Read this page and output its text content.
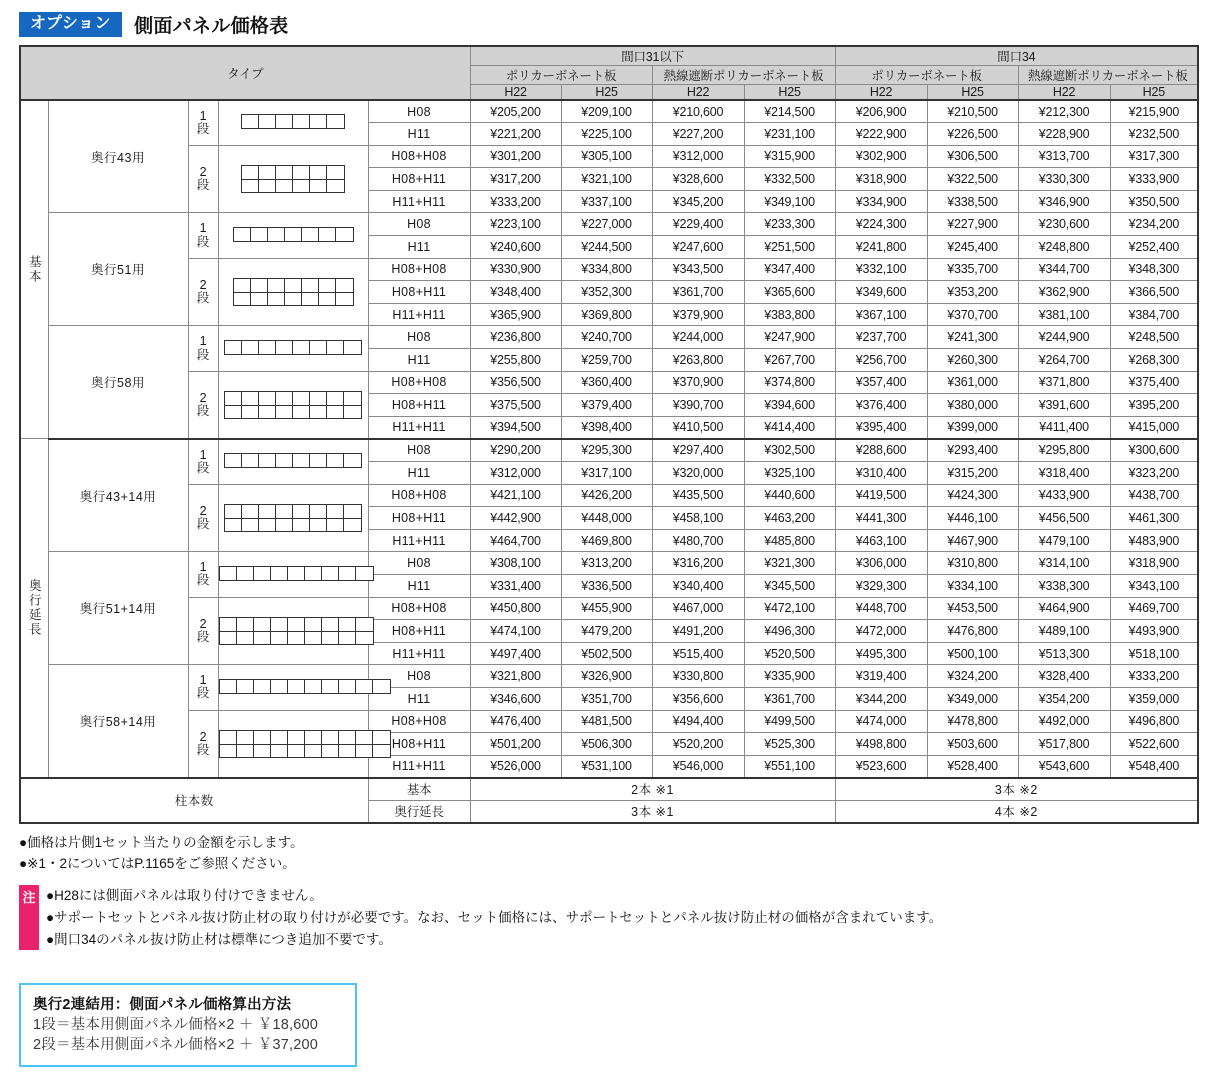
オプション	側面パネル価格表
タイプ					間口31以下				間口34			
					ポリカーボネート板		熱線遮断ポリカーボネート板		ポリカーボネート板		熱線遮断ポリカーボネート板	
					H22	H25	H22	H25	H22	H25	H22	H25
基本	奥行43用	1
段		H08	¥205,200	¥209,100	¥210,600	¥214,500	¥206,900	¥210,500	¥212,300	¥215,900
				H11	¥221,200	¥225,100	¥227,200	¥231,100	¥222,900	¥226,500	¥228,900	¥232,500

		2
段		H08+H08	¥301,200	¥305,100	¥312,000	¥315,900	¥302,900	¥306,500	¥313,700	¥317,300
				H08+H11	¥317,200	¥321,100	¥328,600	¥332,500	¥318,900	¥322,500	¥330,300	¥333,900
				H11+H11	¥333,200	¥337,100	¥345,200	¥349,100	¥334,900	¥338,500	¥346,900	¥350,500
	奥行51用	1
段		H08	¥223,100	¥227,000	¥229,400	¥233,300	¥224,300	¥227,900	¥230,600	¥234,200
				H11	¥240,600	¥244,500	¥247,600	¥251,500	¥241,800	¥245,400	¥248,800	¥252,400

		2
段		H08+H08	¥330,900	¥334,800	¥343,500	¥347,400	¥332,100	¥335,700	¥344,700	¥348,300
				H08+H11	¥348,400	¥352,300	¥361,700	¥365,600	¥349,600	¥353,200	¥362,900	¥366,500
				H11+H11	¥365,900	¥369,800	¥379,900	¥383,800	¥367,100	¥370,700	¥381,100	¥384,700
	奥行58用	1
段		H08	¥236,800	¥240,700	¥244,000	¥247,900	¥237,700	¥241,300	¥244,900	¥248,500
				H11	¥255,800	¥259,700	¥263,800	¥267,700	¥256,700	¥260,300	¥264,700	¥268,300

		2
段		H08+H08	¥356,500	¥360,400	¥370,900	¥374,800	¥357,400	¥361,000	¥371,800	¥375,400
				H08+H11	¥375,500	¥379,400	¥390,700	¥394,600	¥376,400	¥380,000	¥391,600	¥395,200
				H11+H11	¥394,500	¥398,400	¥410,500	¥414,400	¥395,400	¥399,000	¥411,400	¥415,000
奥行延長	奥行43+14用	1
段		H08	¥290,200	¥295,300	¥297,400	¥302,500	¥288,600	¥293,400	¥295,800	¥300,600
				H11	¥312,000	¥317,100	¥320,000	¥325,100	¥310,400	¥315,200	¥318,400	¥323,200

		2
段		H08+H08	¥421,100	¥426,200	¥435,500	¥440,600	¥419,500	¥424,300	¥433,900	¥438,700
				H08+H11	¥442,900	¥448,000	¥458,100	¥463,200	¥441,300	¥446,100	¥456,500	¥461,300
				H11+H11	¥464,700	¥469,800	¥480,700	¥485,800	¥463,100	¥467,900	¥479,100	¥483,900
	奥行51+14用	1
段		H08	¥308,100	¥313,200	¥316,200	¥321,300	¥306,000	¥310,800	¥314,100	¥318,900
				H11	¥331,400	¥336,500	¥340,400	¥345,500	¥329,300	¥334,100	¥338,300	¥343,100

		2
段		H08+H08	¥450,800	¥455,900	¥467,000	¥472,100	¥448,700	¥453,500	¥464,900	¥469,700
				H08+H11	¥474,100	¥479,200	¥491,200	¥496,300	¥472,000	¥476,800	¥489,100	¥493,900
				H11+H11	¥497,400	¥502,500	¥515,400	¥520,500	¥495,300	¥500,100	¥513,300	¥518,100
	奥行58+14用	1
段		H08	¥321,800	¥326,900	¥330,800	¥335,900	¥319,400	¥324,200	¥328,400	¥333,200
				H11	¥346,600	¥351,700	¥356,600	¥361,700	¥344,200	¥349,000	¥354,200	¥359,000

		2
段		H08+H08	¥476,400	¥481,500	¥494,400	¥499,500	¥474,000	¥478,800	¥492,000	¥496,800
				H08+H11	¥501,200	¥506,300	¥520,200	¥525,300	¥498,800	¥503,600	¥517,800	¥522,600
				H11+H11	¥526,000	¥531,100	¥546,000	¥551,100	¥523,600	¥528,400	¥543,600	¥548,400
柱本数				基本	2本 ※1				3本 ※2			
				奥行延長	3本 ※1				4本 ※2			
●価格は片側1セット当たりの金額を示します。
●※1・2についてはP.1165をご参照ください。
注 ●H28には側面パネルは取り付けできません。
●サポートセットとパネル抜け防止材の取り付けが必要です。なお、セット価格には、サポートセットとパネル抜け防止材の価格が含まれています。
●間口34のパネル抜け防止材は標準につき追加不要です。
奥行2連結用：側面パネル価格算出方法
1段＝基本用側面パネル価格×2 ＋ ￥18,600
2段＝基本用側面パネル価格×2 ＋ ￥37,200
